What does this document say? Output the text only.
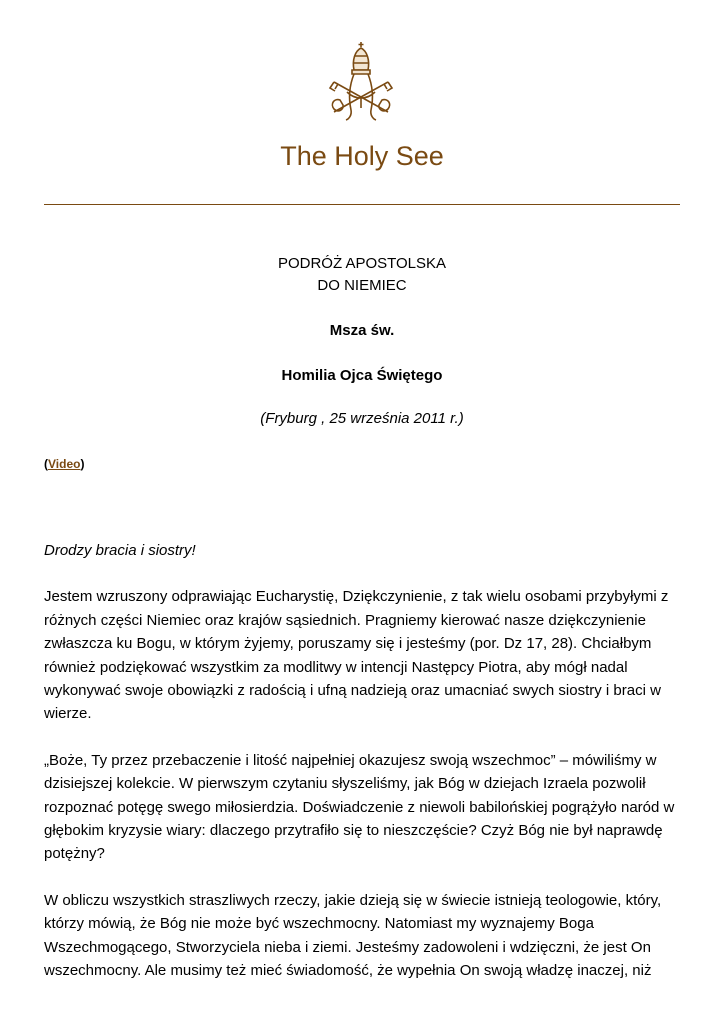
The Holy See
PODRÓŻ APOSTOLSKA
DO NIEMIEC
Msza św.
Homilia Ojca Świętego
(Fryburg , 25 września 2011 r.)
(Video)

Drodzy bracia i siostry!

Jestem wzruszony odprawiając Eucharystię, Dziękczynienie, z tak wielu osobami przybyłymi z różnych części Niemiec oraz krajów sąsiednich. Pragniemy kierować nasze dziękczynienie zwłaszcza ku Bogu, w którym żyjemy, poruszamy się i jesteśmy (por. Dz 17, 28). Chciałbym również podziękować wszystkim za modlitwy w intencji Następcy Piotra, aby mógł nadal wykonywać swoje obowiązki z radością i ufną nadzieją oraz umacniać swych siostry i braci w wierze.

„Boże, Ty przez przebaczenie i litość najpełniej okazujesz swoją wszechmoc” – mówiliśmy w dzisiejszej kolekcie. W pierwszym czytaniu słyszeliśmy, jak Bóg w dziejach Izraela pozwolił rozpoznać potęgę swego miłosierdzia. Doświadczenie z niewoli babilońskiej pogrążyło naród w głębokim kryzysie wiary: dlaczego przytrafiło się to nieszczęście? Czyż Bóg nie był naprawdę potężny?

W obliczu wszystkich straszliwych rzeczy, jakie dzieją się w świecie istnieją teologowie, który, którzy mówią, że Bóg nie może być wszechmocny. Natomiast my wyznajemy Boga Wszechmogącego, Stworzyciela nieba i ziemi. Jesteśmy zadowoleni i wdzięczni, że jest On wszechmocny. Ale musimy też mieć świadomość, że wypełnia On swoją władzę inaczej, niż
